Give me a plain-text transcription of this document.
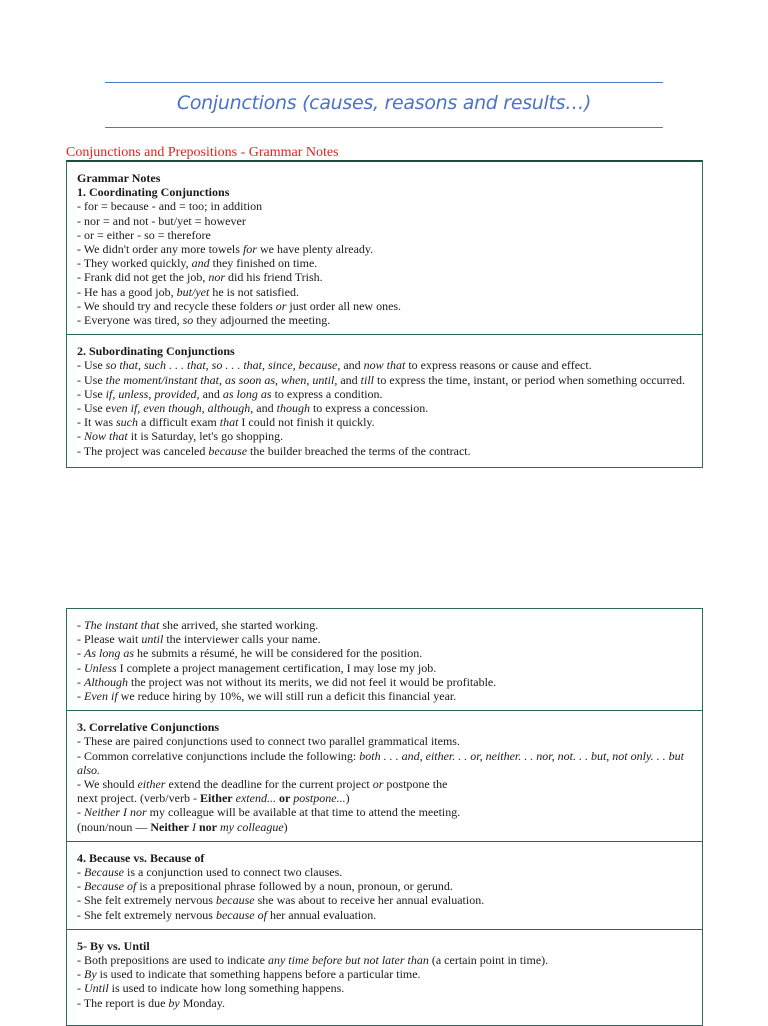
Conjunctions (causes, reasons and results…)
Conjunctions and Prepositions - Grammar Notes

Grammar Notes

1. Coordinating Conjunctions

- for = because - and = too; in addition

- nor = and not - but/yet = however

- or = either - so = therefore

- We didn't order any more towels for we have plenty already.

- They worked quickly, and they finished on time.

- Frank did not get the job, nor did his friend Trish.

- He has a good job, but/yet he is not satisfied.

- We should try and recycle these folders or just order all new ones.

- Everyone was tired, so they adjourned the meeting.

2. Subordinating Conjunctions

- Use so that, such . . . that, so . . . that, since, because, and now that to express reasons or cause and effect.

- Use the moment/instant that, as soon as, when, until, and till to express the time, instant, or period when something occurred.

- Use if, unless, provided, and as long as to express a condition.

- Use even if, even though, although, and though to express a concession.

- It was such a difficult exam that I could not finish it quickly.

- Now that it is Saturday, let's go shopping.

- The project was canceled because the builder breached the terms of the contract.

- The instant that she arrived, she started working.

- Please wait until the interviewer calls your name.

- As long as he submits a résumé, he will be considered for the position.

- Unless I complete a project management certification, I may lose my job.

- Although the project was not without its merits, we did not feel it would be profitable.

- Even if we reduce hiring by 10%, we will still run a deficit this financial year.

3. Correlative Conjunctions

- These are paired conjunctions used to connect two parallel grammatical items.

- Common correlative conjunctions include the following: both . . . and, either. . . or, neither. . . nor, not. . . but, not only. . . but also.

- We should either extend the deadline for the current project or postpone the

next project. (verb/verb - Either extend... or postpone...)

- Neither I nor my colleague will be available at that time to attend the meeting.

(noun/noun — Neither I nor my colleague)

4. Because vs. Because of

- Because is a conjunction used to connect two clauses.

- Because of is a prepositional phrase followed by a noun, pronoun, or gerund.

- She felt extremely nervous because she was about to receive her annual evaluation.

- She felt extremely nervous because of her annual evaluation.

5- By vs. Until

- Both prepositions are used to indicate any time before but not later than (a certain point in time).

- By is used to indicate that something happens before a particular time.

- Until is used to indicate how long something happens.

- The report is due by Monday.
